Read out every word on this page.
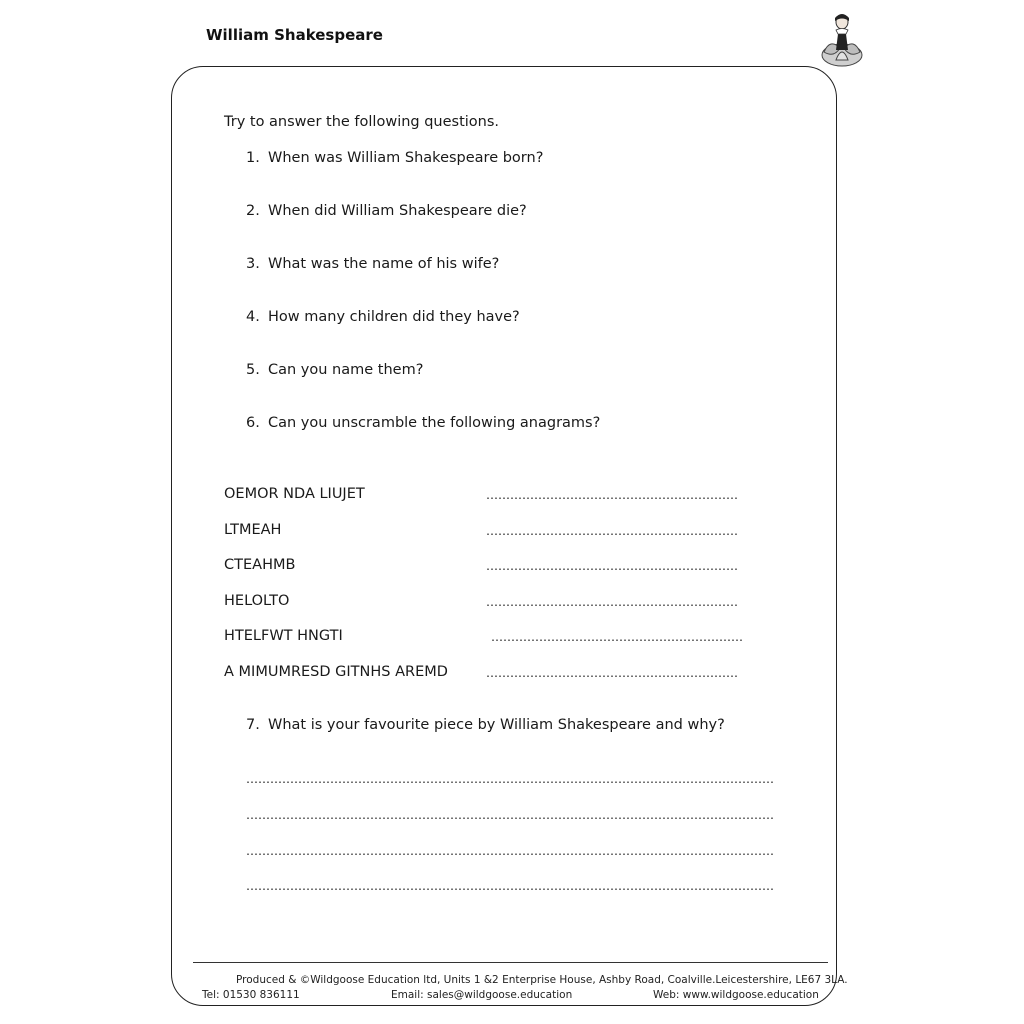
William Shakespeare
Try to answer the following questions.
1. When was William Shakespeare born?
2. When did William Shakespeare die?
3. What was the name of his wife?
4. How many children did they have?
5. Can you name them?
6. Can you unscramble the following anagrams?
OEMOR NDA LIUJET	………………………………………………………
LTMEAH	………………………………………………………
CTEAHMB	………………………………………………………
HELOLTO	………………………………………………………
HTELFWT HNGTI	………………………………………………………
A MIMUMRESD GITNHS AREMD	………………………………………………………
7. What is your favourite piece by William Shakespeare and why?
……………………………………………………………………………………………………………………
……………………………………………………………………………………………………………………
……………………………………………………………………………………………………………………
……………………………………………………………………………………………………………………
Produced & ©Wildgoose Education ltd, Units 1 &2 Enterprise House, Ashby Road, Coalville.Leicestershire, LE67 3LA.
Tel: 01530 836111	Email: sales@wildgoose.education	Web: www.wildgoose.education
